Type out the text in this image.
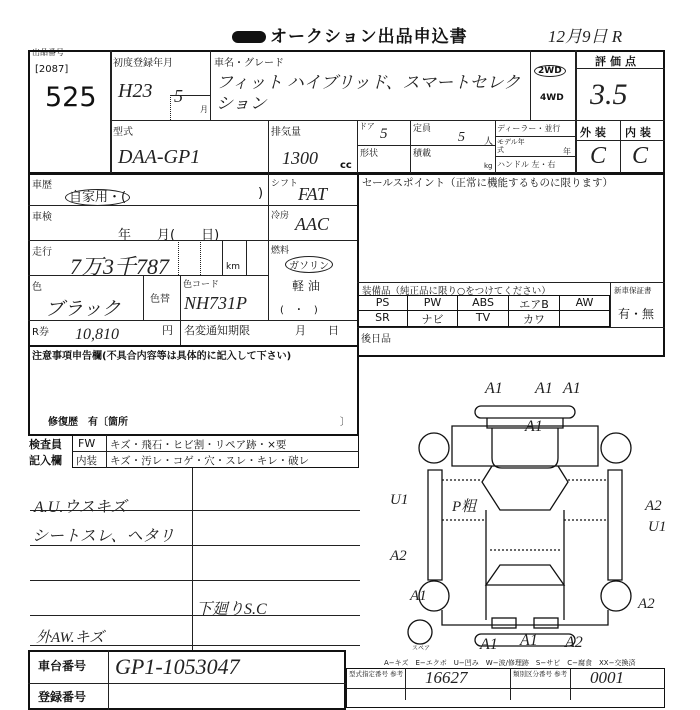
オークション出品申込書	12月9日 R
出品番号
[2087]
525
初度登録年月
H23 5
月
車名・グレード
フィット ハイブリッド、スマートセレクション
2WD
4WD
評価点
3.5
外 装 内 装
C C
型式
DAA-GP1
排気量
1300 cc
ドア 5
形状
定員
5 人
積載
kg
ディーラー・並行
モデル年式	年
ハンドル 左・右
車歴
自家用・(	)
車検
年　　月(　　日)
走行
7万3千787	km
色
ブラック	色替
色コード
NH731P
R券 10,810	円 名変通知期限	月　　日
シフト FAT
冷房 AAC
燃料
ガソリン
軽 油
(　・　)
セールスポイント（正常に機能するものに限ります）
装備品（純正品に限り○をつけてください）	新車保証書
有・無
PS	PW	ABS	エアB	AW
SR	ナビ	TV	カワ
後日品
注意事項申告欄(不具合内容等は具体的に記入して下さい)
修復歴　有〔箇所	〕
検査員
記入欄
FW キズ・飛石・ヒビ割・リペア跡・×要
内装 キズ・汚レ・コゲ・穴・スレ・キレ・破レ
A.U.ウスキズ
シートスレ、ヘタリ
外AW.キズ
下廻りS.C
車台番号 GP1-1053047
登録番号
A1 A1 A1
A1
U1	P粗	A2
U1
A2
A1	A2
A1 A1 A2
スペア
A−キズ　E−エクボ　U−凹み　W−波/修理跡　S−サビ　C−腐食　XX−交換済
型式指定番号 参考 16627	類別区分番号 参考 0001
